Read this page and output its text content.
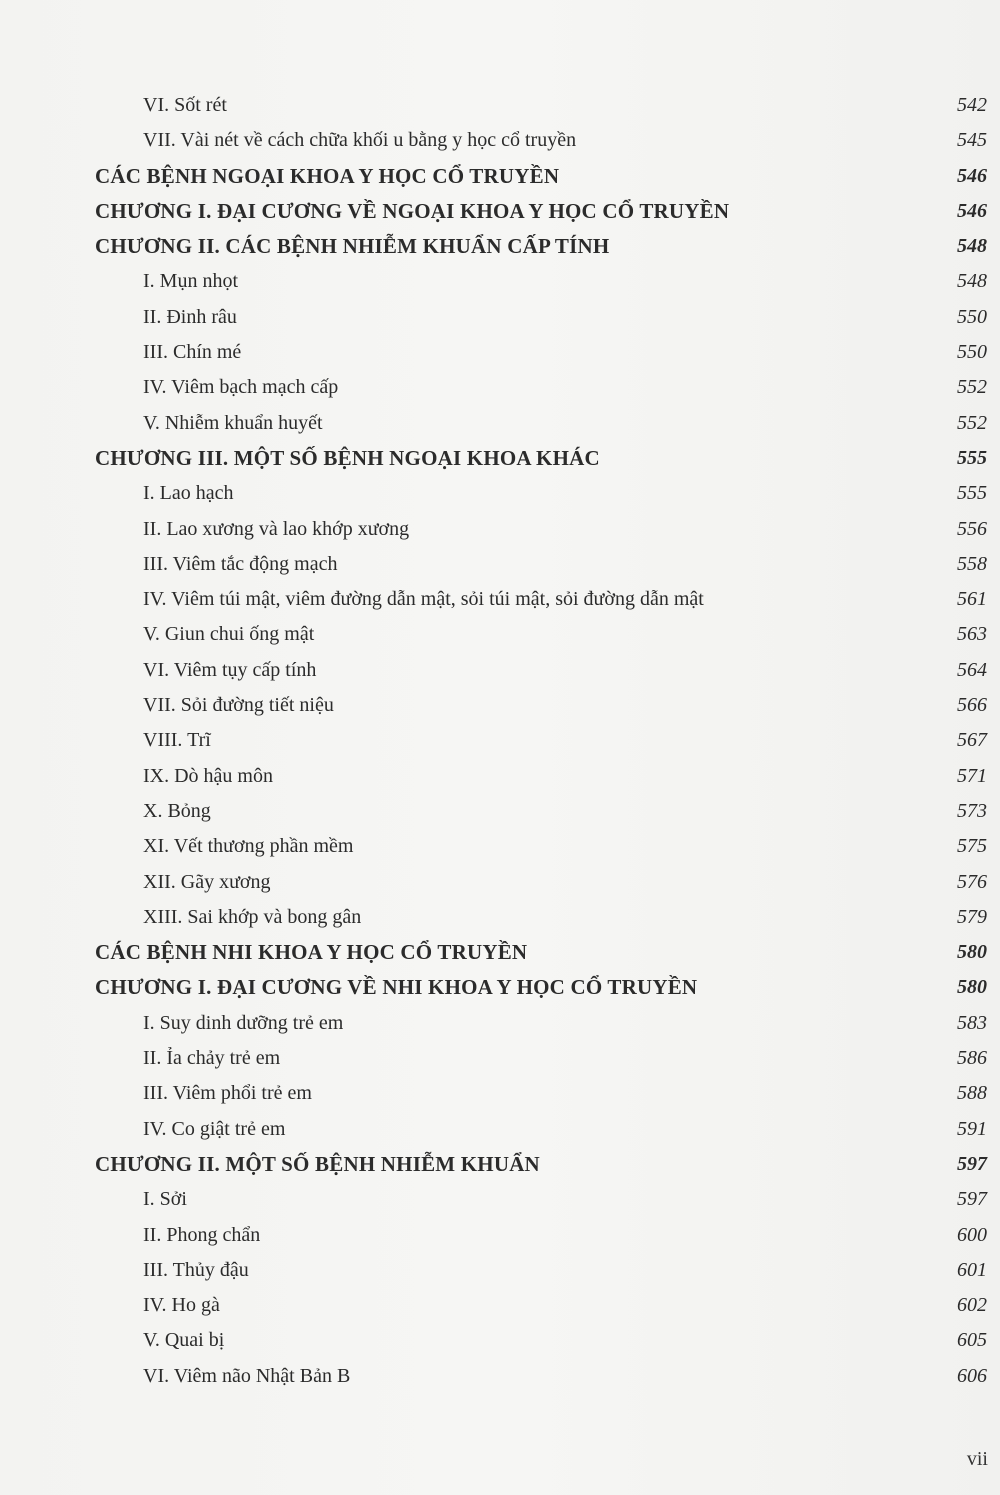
VI. Sốt rét	542
VII. Vài nét về cách chữa khối u bằng y học cổ truyền	545
CÁC BỆNH NGOẠI KHOA Y HỌC CỔ TRUYỀN	546
CHƯƠNG I. ĐẠI CƯƠNG VỀ NGOẠI KHOA Y HỌC CỔ TRUYỀN	546
CHƯƠNG II. CÁC BỆNH NHIỄM KHUẨN CẤP TÍNH	548
I. Mụn nhọt	548
II. Đinh râu	550
III. Chín mé	550
IV. Viêm bạch mạch cấp	552
V. Nhiễm khuẩn huyết	552
CHƯƠNG III. MỘT SỐ BỆNH NGOẠI KHOA KHÁC	555
I. Lao hạch	555
II. Lao xương và lao khớp xương	556
III. Viêm tắc động mạch	558
IV. Viêm túi mật, viêm đường dẫn mật, sỏi túi mật, sỏi đường dẫn mật	561
V. Giun chui ống mật	563
VI. Viêm tụy cấp tính	564
VII. Sỏi đường tiết niệu	566
VIII. Trĩ	567
IX. Dò hậu môn	571
X. Bỏng	573
XI. Vết thương phần mềm	575
XII. Gãy xương	576
XIII. Sai khớp và bong gân	579
CÁC BỆNH NHI KHOA Y HỌC CỔ TRUYỀN	580
CHƯƠNG I. ĐẠI CƯƠNG VỀ NHI KHOA Y HỌC CỔ TRUYỀN	580
I. Suy dinh dưỡng trẻ em	583
II. Ỉa chảy trẻ em	586
III. Viêm phổi trẻ em	588
IV. Co giật trẻ em	591
CHƯƠNG II. MỘT SỐ BỆNH NHIỄM KHUẨN	597
I. Sởi	597
II. Phong chẩn	600
III. Thủy đậu	601
IV. Ho gà	602
V. Quai bị	605
VI. Viêm não Nhật Bản B	606
vii
